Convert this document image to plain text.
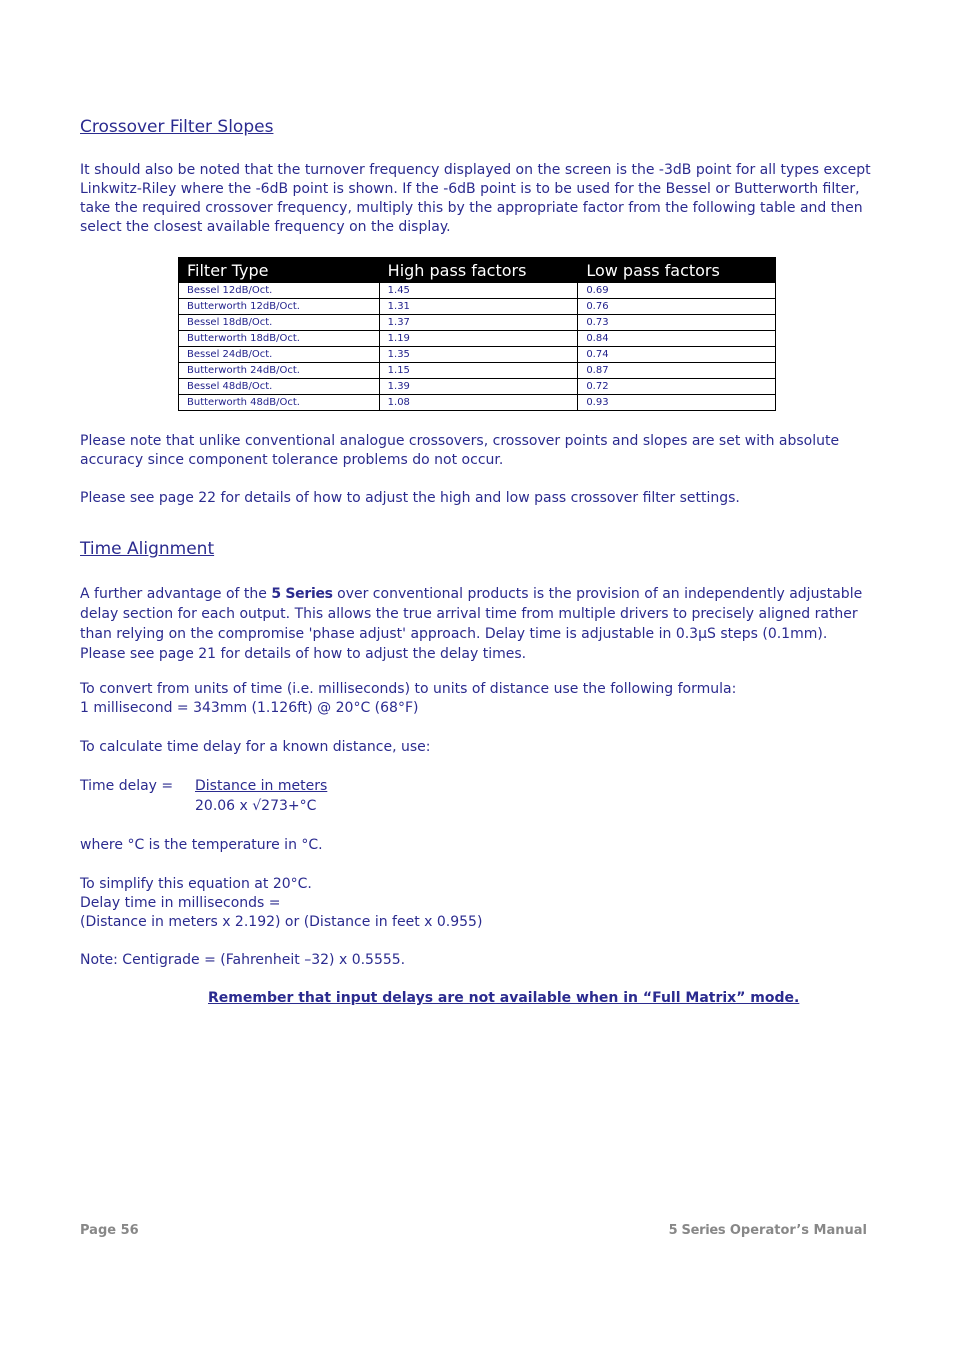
Crossover Filter Slopes
It should also be noted that the turnover frequency displayed on the screen is the -3dB point for all types except Linkwitz-Riley where the -6dB point is shown. If the -6dB point is to be used for the Bessel or Butterworth filter, take the required crossover frequency, multiply this by the appropriate factor from the following table and then select the closest available frequency on the display.
Filter Type	High pass factors	Low pass factors
Bessel 12dB/Oct.	1.45	0.69
Butterworth 12dB/Oct.	1.31	0.76
Bessel 18dB/Oct.	1.37	0.73
Butterworth 18dB/Oct.	1.19	0.84
Bessel 24dB/Oct.	1.35	0.74
Butterworth 24dB/Oct.	1.15	0.87
Bessel 48dB/Oct.	1.39	0.72
Butterworth 48dB/Oct.	1.08	0.93
Please note that unlike conventional analogue crossovers, crossover points and slopes are set with absolute accuracy since component tolerance problems do not occur.
Please see page 22 for details of how to adjust the high and low pass crossover filter settings.
Time Alignment
A further advantage of the 5 Series over conventional products is the provision of an independently adjustable delay section for each output. This allows the true arrival time from multiple drivers to precisely aligned rather than relying on the compromise 'phase adjust' approach. Delay time is adjustable in 0.3µS steps (0.1mm).
Please see page 21 for details of how to adjust the delay times.
To convert from units of time (i.e. milliseconds) to units of distance use the following formula:
1 millisecond = 343mm (1.126ft) @ 20°C (68°F)
To calculate time delay for a known distance, use:
Time delay =	Distance in meters
20.06 x √273+°C
where °C is the temperature in °C.
To simplify this equation at 20°C.
Delay time in milliseconds =
(Distance in meters x 2.192) or (Distance in feet x 0.955)
Note: Centigrade = (Fahrenheit –32) x 0.5555.
Remember that input delays are not available when in “Full Matrix” mode.
Page 56	5 Series Operator’s Manual
